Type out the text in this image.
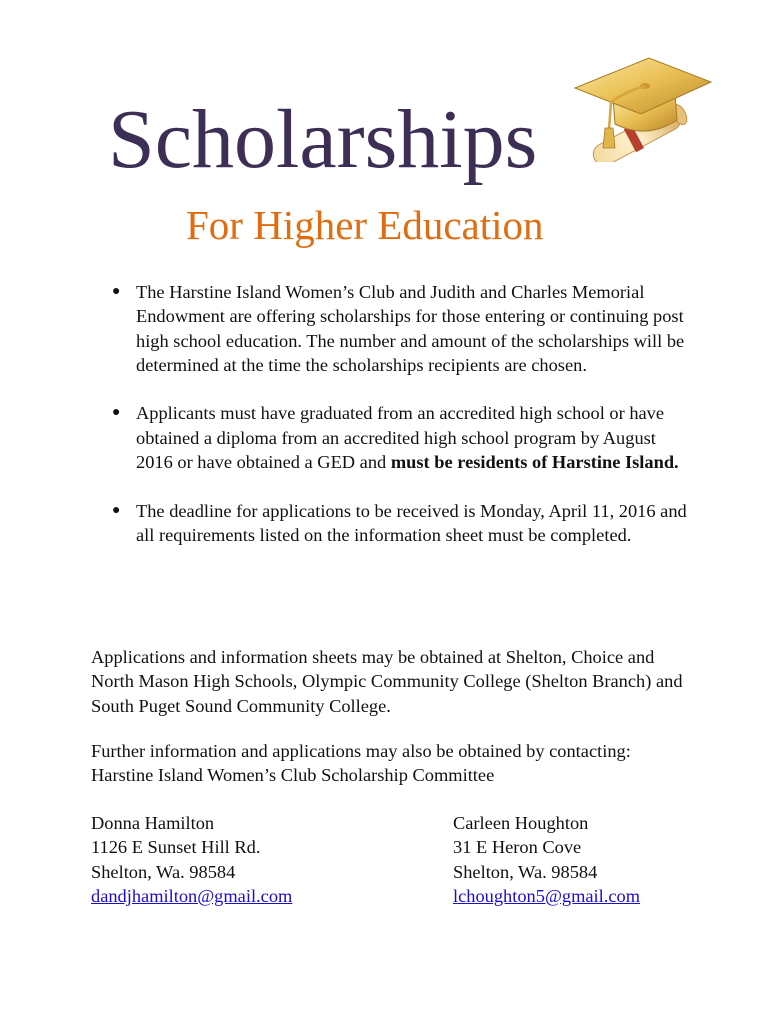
Scholarships
For Higher Education
● The Harstine Island Women’s Club and Judith and Charles Memorial Endowment are offering scholarships for those entering or continuing post high school education. The number and amount of the scholarships will be determined at the time the scholarships recipients are chosen.
● Applicants must have graduated from an accredited high school or have obtained a diploma from an accredited high school program by August 2016 or have obtained a GED and must be residents of Harstine Island.
● The deadline for applications to be received is Monday, April 11, 2016 and all requirements listed on the information sheet must be completed.

Applications and information sheets may be obtained at Shelton, Choice and North Mason High Schools, Olympic Community College (Shelton Branch) and South Puget Sound Community College.

Further information and applications may also be obtained by contacting: Harstine Island Women’s Club Scholarship Committee

Donna Hamilton
1126 E Sunset Hill Rd.
Shelton, Wa. 98584
dandjhamilton@gmail.com
Carleen Houghton
31 E Heron Cove
Shelton, Wa. 98584
lchoughton5@gmail.com
